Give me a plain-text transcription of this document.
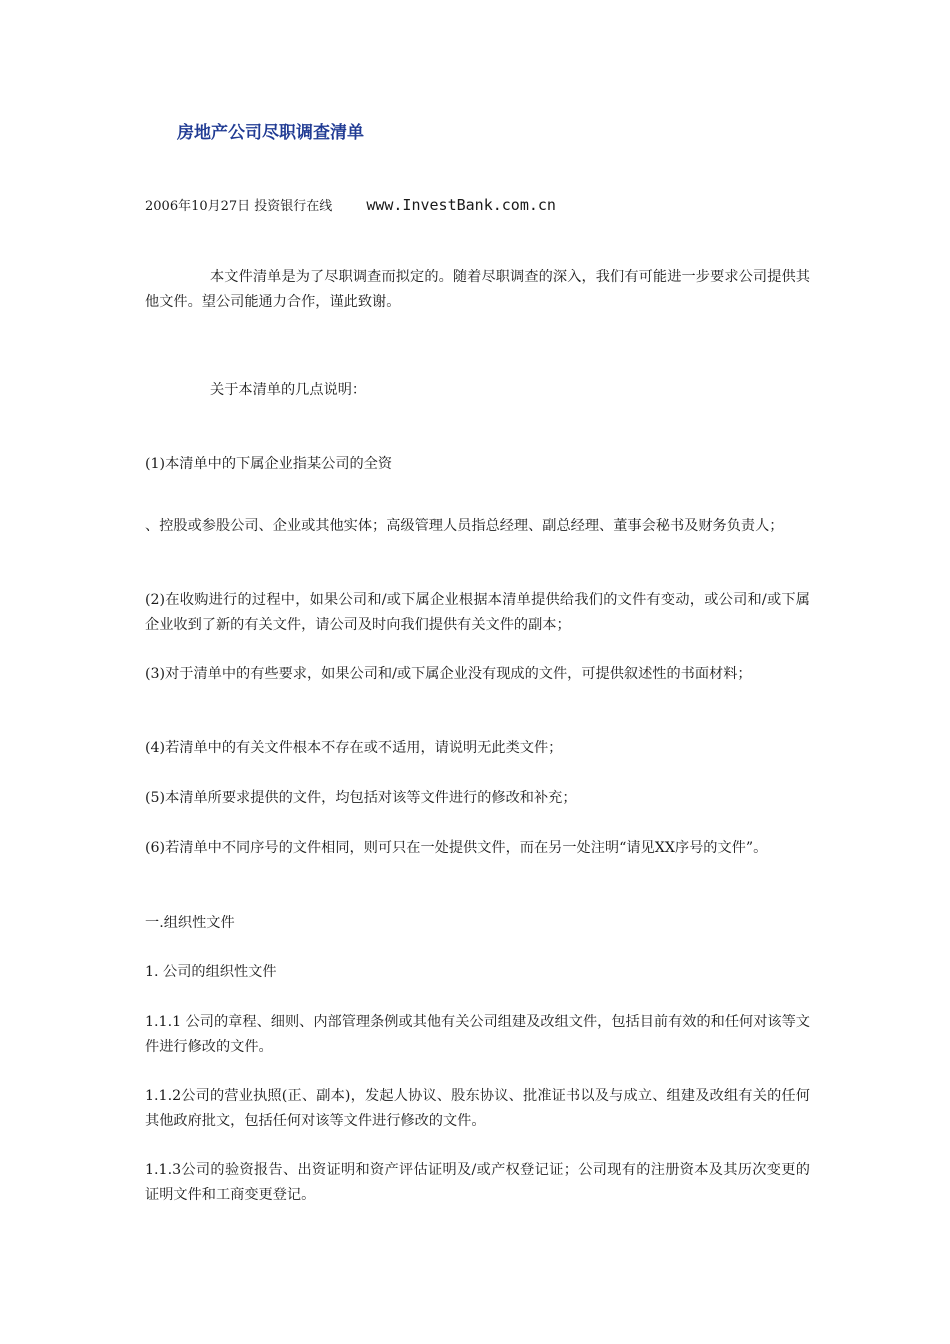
房地产公司尽职调查清单
2006年10月27日 投资银行在线 www.InvestBank.com.cn
本文件清单是为了尽职调查而拟定的。随着尽职调查的深入，我们有可能进一步要求公司提供其他文件。望公司能通力合作，谨此致谢。
关于本清单的几点说明：
(1)本清单中的下属企业指某公司的全资
、控股或参股公司、企业或其他实体；高级管理人员指总经理、副总经理、董事会秘书及财务负责人；
(2)在收购进行的过程中，如果公司和/或下属企业根据本清单提供给我们的文件有变动，或公司和/或下属企业收到了新的有关文件，请公司及时向我们提供有关文件的副本；
(3)对于清单中的有些要求，如果公司和/或下属企业没有现成的文件，可提供叙述性的书面材料；
(4)若清单中的有关文件根本不存在或不适用，请说明无此类文件；
(5)本清单所要求提供的文件，均包括对该等文件进行的修改和补充；
(6)若清单中不同序号的文件相同，则可只在一处提供文件，而在另一处注明“请见XX序号的文件”。
一.组织性文件
1. 公司的组织性文件
1.1.1 公司的章程、细则、内部管理条例或其他有关公司组建及改组文件，包括目前有效的和任何对该等文件进行修改的文件。
1.1.2公司的营业执照(正、副本)，发起人协议、股东协议、批准证书以及与成立、组建及改组有关的任何其他政府批文，包括任何对该等文件进行修改的文件。
1.1.3公司的验资报告、出资证明和资产评估证明及/或产权登记证；公司现有的注册资本及其历次变更的证明文件和工商变更登记。
